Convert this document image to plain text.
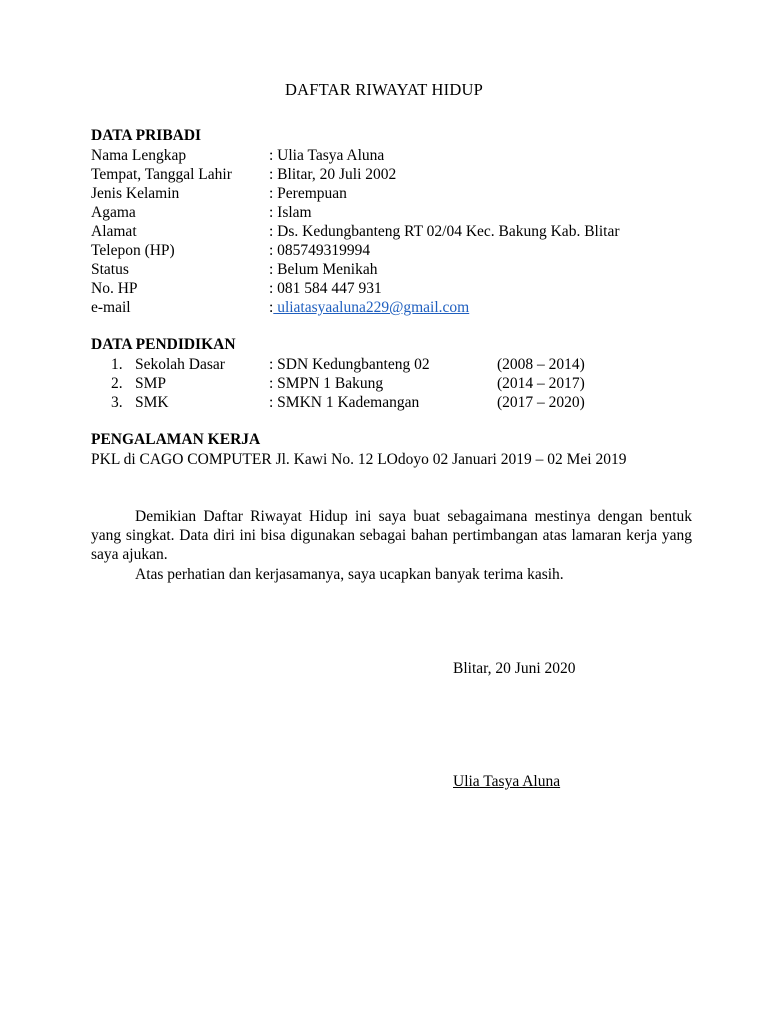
DAFTAR RIWAYAT HIDUP
DATA PRIBADI
Nama Lengkap	: Ulia Tasya Aluna
Tempat, Tanggal Lahir : Blitar, 20 Juli 2002
Jenis Kelamin	: Perempuan
Agama	: Islam
Alamat	: Ds. Kedungbanteng RT 02/04 Kec. Bakung Kab. Blitar
Telepon (HP)	: 085749319994
Status	: Belum Menikah
No. HP	: 081 584 447 931
e-mail	: uliatasyaaluna229@gmail.com
DATA PENDIDIKAN
1. Sekolah Dasar	: SDN Kedungbanteng 02	(2008 – 2014)
2. SMP	: SMPN 1 Bakung	(2014 – 2017)
3. SMK	: SMKN 1 Kademangan	(2017 – 2020)
PENGALAMAN KERJA
PKL di CAGO COMPUTER Jl. Kawi No. 12 LOdoyo 02 Januari 2019 – 02 Mei 2019
Demikian Daftar Riwayat Hidup ini saya buat sebagaimana mestinya dengan bentuk yang singkat. Data diri ini bisa digunakan sebagai bahan pertimbangan atas lamaran kerja yang saya ajukan.
Atas perhatian dan kerjasamanya, saya ucapkan banyak terima kasih.
Blitar, 20 Juni 2020
Ulia Tasya Aluna
